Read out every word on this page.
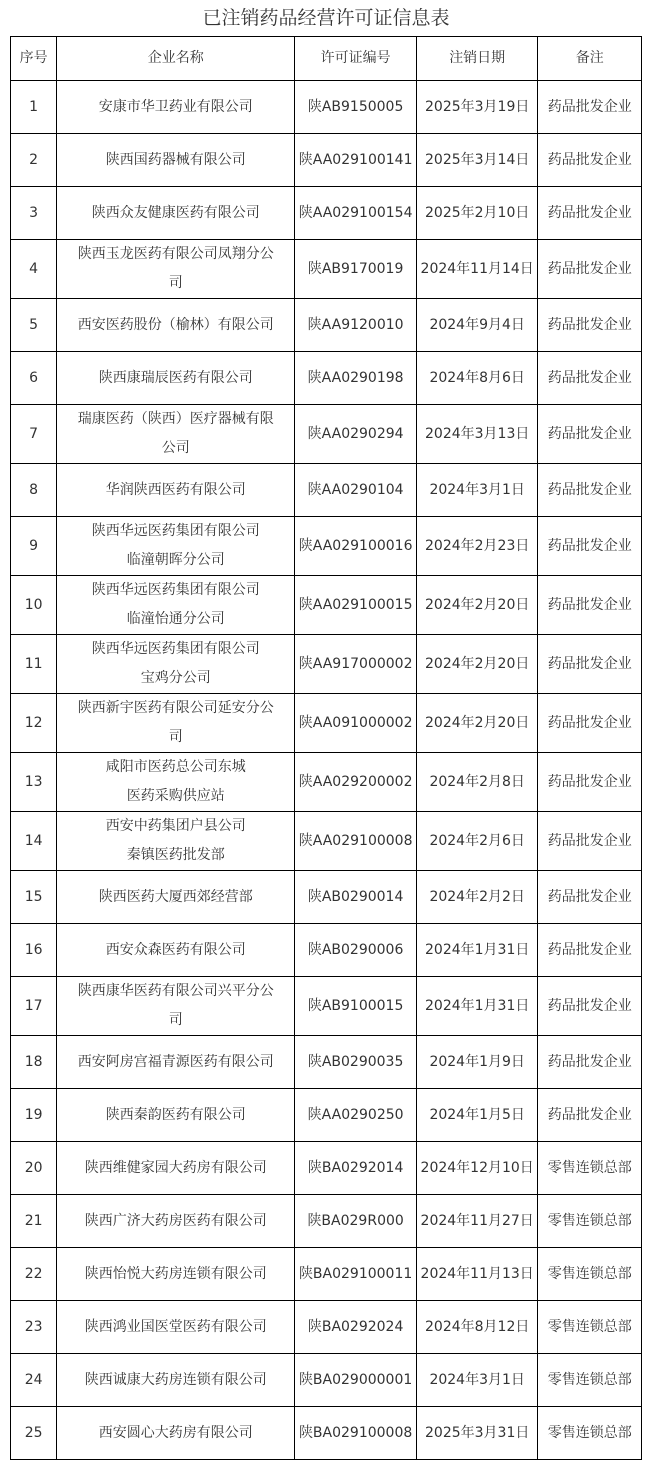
已注销药品经营许可证信息表
序号	企业名称	许可证编号	注销日期	备注
1	安康市华卫药业有限公司	陕AB9150005	2025年3月19日	药品批发企业
2	陕西国药器械有限公司	陕AA029100141	2025年3月14日	药品批发企业
3	陕西众友健康医药有限公司	陕AA029100154	2025年2月10日	药品批发企业
4	陕西玉龙医药有限公司凤翔分公
司	陕AB9170019	2024年11月14日	药品批发企业
5	西安医药股份（榆林）有限公司	陕AA9120010	2024年9月4日	药品批发企业
6	陕西康瑞辰医药有限公司	陕AA0290198	2024年8月6日	药品批发企业
7	瑞康医药（陕西）医疗器械有限
公司	陕AA0290294	2024年3月13日	药品批发企业
8	华润陕西医药有限公司	陕AA0290104	2024年3月1日	药品批发企业
9	陕西华远医药集团有限公司
临潼朝晖分公司	陕AA029100016	2024年2月23日	药品批发企业
10	陕西华远医药集团有限公司
临潼怡通分公司	陕AA029100015	2024年2月20日	药品批发企业
11	陕西华远医药集团有限公司
宝鸡分公司	陕AA917000002	2024年2月20日	药品批发企业
12	陕西新宇医药有限公司延安分公
司	陕AA091000002	2024年2月20日	药品批发企业
13	咸阳市医药总公司东城
医药采购供应站	陕AA029200002	2024年2月8日	药品批发企业
14	西安中药集团户县公司
秦镇医药批发部	陕AA029100008	2024年2月6日	药品批发企业
15	陕西医药大厦西郊经营部	陕AB0290014	2024年2月2日	药品批发企业
16	西安众森医药有限公司	陕AB0290006	2024年1月31日	药品批发企业
17	陕西康华医药有限公司兴平分公
司	陕AB9100015	2024年1月31日	药品批发企业
18	西安阿房宫福青源医药有限公司	陕AB0290035	2024年1月9日	药品批发企业
19	陕西秦韵医药有限公司	陕AA0290250	2024年1月5日	药品批发企业
20	陕西维健家园大药房有限公司	陕BA0292014	2024年12月10日	零售连锁总部
21	陕西广济大药房医药有限公司	陕BA029R000	2024年11月27日	零售连锁总部
22	陕西怡悦大药房连锁有限公司	陕BA029100011	2024年11月13日	零售连锁总部
23	陕西鸿业国医堂医药有限公司	陕BA0292024	2024年8月12日	零售连锁总部
24	陕西诚康大药房连锁有限公司	陕BA029000001	2024年3月1日	零售连锁总部
25	西安圆心大药房有限公司	陕BA029100008	2025年3月31日	零售连锁总部
